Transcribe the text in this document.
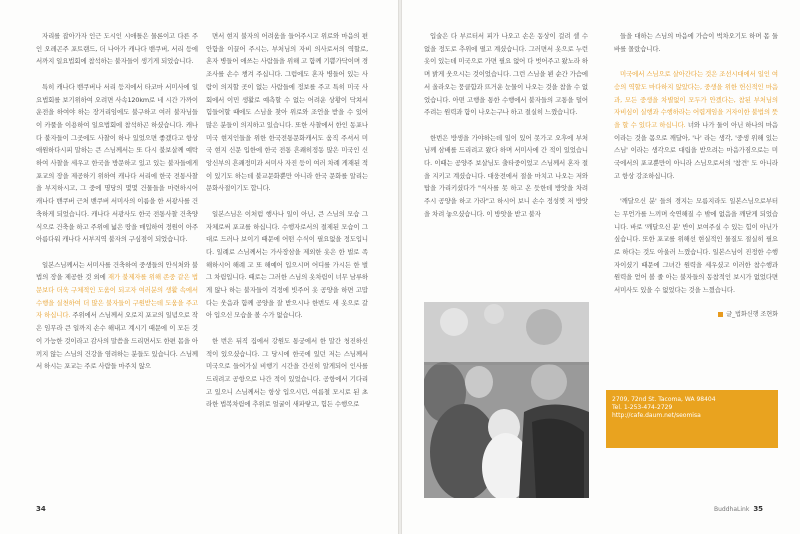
자리를 잡아가자 인근 도시인 시애틀은 물론이고 다른 주인 오레곤주 포트랜드, 더 나아가 캐나다 밴쿠버, 서리 등에서까지 일요법회에 참석하는 불자들이 생기게 되었습니다.

특히 캐나다 밴쿠버나 서리 등지에서 타코마 서미사에 일요법회를 보기위하여 오려면 사속120km로 네 시간 가까이 운전을 하여야 하는 장거리임에도 불구하고 여러 불자님들이 카풀을 이용하여 일요법회에 참석하곤 하셨습니다. 캐나다 불자들이 그곳에도 사찰이 하나 있었으면 좋겠다고 항상 애원하다시피 말하는 큰 스님께서는 또 다시 불보살께 예탁하여 사찰을 세우고 한국을 방문하고 있고 있는 불자들에게 포교의 장을 제공하기 위하여 캐나다 서리에 한국 전통사찰을 부지하시고, 그 중에 명당의 몇몇 건물들을 마련하시어 캐나다 밴쿠버 근처 밴쿠버 서미사의 이름을 한 서광사를 건축하게 되었습니다. 캐나다 서광사도 한국 전통사찰 건축양식으로 건축을 하고 주위에 넓은 땅을 매입하여 정원이 아주 아름다워 캐나다 서부지역 불자의 구심점이 되었습니다.

일본스님께서는 서미사를 건축하여 중생들의 안식처와 불법의 장을 제공한 것 외에 재가 불제자를 위해 존중 같은 법문보다 더욱 구체적인 도움이 되고자 여러분의 생활 속에서 수행을 실천하여 더 많은 불자들이 구원받는데 도움을 주고자 하십니다. 주위에서 스님께서 오로지 포교의 일념으로 작은 임무라 큰 일까지 손수 해내고 계시기 때문에 이 모든 것이 가능한 것이라고 감사의 말씀을 드리면서도 한편 몸을 아끼지 않는 스님의 건강을 염려하는 분들도 있습니다. 스님께서 하시는 포교는 주로 사람들 마주치 않으

면서 현지 불자의 어려움을 들어주시고 위로와 마음의 편안함을 이끌어 주시는, 부처님의 자비 의사로서의 역할로, 혼자 병들어 애쓰는 사람들을 위해 고 함께 기쁨가닥이며 경조사를 손수 챙겨 주십니다. 그럼에도 혼자 병들어 있는 사람이 의지할 곳이 없는 사람들에 정보를 주고 특히 미국 사회에서 이민 생활로 예측할 수 없는 어려운 상황이 닥쳐서 힘들어할 때에도 스님을 찾아 위로와 조언을 받을 수 있어 많은 분들이 의지하고 있습니다. 또한 사찰에서 한인 동포나 미국 현지인들을 위한 한국전통문화캐서도 움직 주셔서 미국 현지 신문 입한에 한국 전통 흔쾌히정동 많은 미국인 신앙신부의 흔쾌정미과 서미사 자진 등이 여러 차례 게재된 적이 있기도 하는데 불교문화뿐만 아니라 한국 문화를 알리는 문화사절이기도 합니다.

일본스님은 이처럼 행사나 일이 아닌, 큰 스님의 모습 그 자체로써 포교를 하십니다. 수행자로서의 절제된 모습이 그대로 드러나 보이기 때문에 어떤 수식이 필요없을 정도입니다. 일례로 스님께서는 가사장삼을 제외한 옷은 한 벌로 족해하시어 해례 고 또 해예어 입으시며 어디를 가시든 한 벌 그 차림입니다. 때로는 그러한 스님의 옷차림이 너무 남루하게 않나 하는 불자들이 걱정에 빗주어 옷 공양을 하면 고맙다는 웃음과 함께 공양을 잘 받으시나 한번도 새 옷으로 갈아 입으신 모습을 볼 수가 없습니다.

한 번은 뒤직 집에서 강원도 통궁에서 한 말간 청진하신 적이 있으셨습니다. 그 당시에 한국에 있던 저는 스님께서 미국으로 들어가실 비행기 시간을 간신히 알게되어 인사를 드리려고 공항으로 나간 적이 있었습니다. 공항에서 기다리고 있으니 스님께서는 항상 입으시던, 여름철 모시로 된 초라한 법복차림에 추위로 얼굴이 새파랗고, 힘든 수행으로

입술은 다 부르터서 피가 나오고 손은 동상이 걸려 셀 수 없을 정도로 추위에 떨고 계셨습니다. 그러면서 옷으로 누런 옷이 있는데 미국으로 가면 필요 없어 다 벗어주고 왔노라 하며 밝게 웃으시는 것이었습니다. 그런 스님을 뵌 순간 가슴에서 올라오는 뭉클함과 뜨거운 눈물이 나오는 것을 참을 수 없었습니다. 아떤 고행을 통한 수행에서 불자들의 고통을 덜어주려는 원력과 함이 나오는구나 하고 절실히 느꼈습니다.

한번은 방생을 가야하는데 일이 있어 못가고 오후에 부처님께 삼배를 드리려고 왔다 하며 서미사에 간 적이 있었습니다. 이때는 공양주 보살님도 출타중이었고 스님께서 혼자 절을 지키고 계셨습니다. 대웅전에서 절을 마치고 나오는 저와 탑을 가리키셨다가 "식사를 못 하고 온 듯한데 방앗을 차려주시 공양을 하고 가라"고 하시어 보니 손수 정성껏 저 방앗을 차려 놓으셨습니다. 이 방앗을 받고 불자

들을 대하는 스님의 마음에 가슴이 벅차오기도 하며 몸 둘 바를 몰랐습니다.

미국에서 스님으로 살아간다는 것은 조선시대에서 일인 여승의 역할도 마다하지 않았다는, 중생을 위한 헌신적인 마음과, 모든 중생을 차별없이 모두가 안겠다는, 참된 부처님의 자비심이 실행과 수행하라는 어렵게임을 거자이한 불법의 뜻을 할 수 있다고 하십니다. 너와 나가 둘이 아닌 하나의 마음이라는 것을 몸으로 깨달아, '나' 라는 생각, '중생 위해 있는 스님' 이라는 생각으로 대립을 받으려는 마음가짐으로는 미국에서의 포교뿐만이 아니라 스님으로서의 '참견' 도 아니라고 항상 강조하십니다.

'깨달으신 분' 들의 경지는 모름지라도 일본스님으로부터는 무언가를 느끼며 숙연해질 수 밖에 없음을 깨닫게 되었습니다. 바로 '깨달으신 분' 반이 보여주실 수 있는 힘이 아닌가 싶습니다. 또한 포교를 위해선 현실적인 물질도 절실히 필요로 하다는 것도 아울러 느꼈습니다. 일본스님이 진정한 수행자이셨기 때문에 그녀간 원력을 세우셨고 이러한 참수행과 원력을 얻어 볼 줄 아는 불자들의 동참적인 보시가 없었다면 서미사도 있을 수 없었다는 것을 느꼈습니다.

글_법화신행 조현화
2709, 72nd St. Tacoma, WA 98404
Tel. 1-253-474-2729
http://cafe.daum.net/seomisa
34	BuddhaLink 35
